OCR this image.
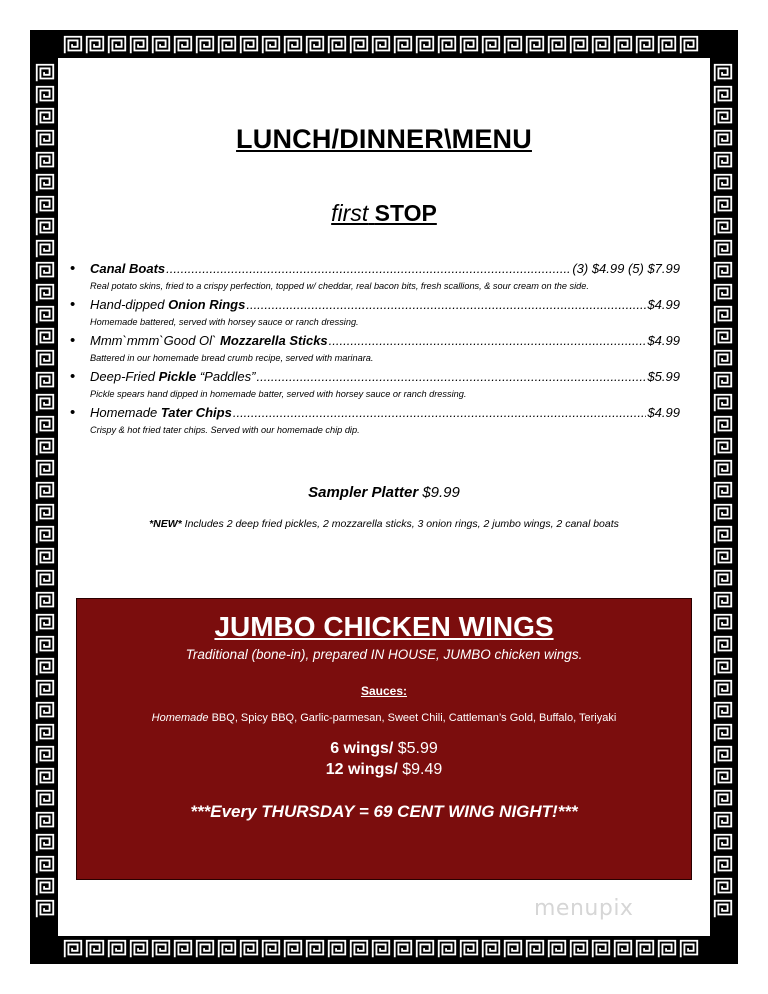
LUNCH/DINNER\MENU
first STOP
• Canal Boats .....	(3) $4.99 (5) $7.99
Real potato skins, fried to a crispy perfection, topped w/ cheddar, real bacon bits, fresh scallions, & sour cream on the side.
• Hand-dipped Onion Rings .....	$4.99
Homemade battered, served with horsey sauce or ranch dressing.
• Mmm`mmm`Good Ol` Mozzarella Sticks .....	$4.99
Battered in our homemade bread crumb recipe, served with marinara.
• Deep-Fried Pickle “Paddles” .....	$5.99
Pickle spears hand dipped in homemade batter, served with horsey sauce or ranch dressing.
• Homemade Tater Chips .....	$4.99
Crispy & hot fried tater chips. Served with our homemade chip dip.
Sampler Platter $9.99
*NEW* Includes 2 deep fried pickles, 2 mozzarella sticks, 3 onion rings, 2 jumbo wings, 2 canal boats
JUMBO CHICKEN WINGS
Traditional (bone-in), prepared IN HOUSE, JUMBO chicken wings.
Sauces:
Homemade BBQ, Spicy BBQ, Garlic-parmesan, Sweet Chili, Cattleman’s Gold, Buffalo, Teriyaki
6 wings/ $5.99
12 wings/ $9.49
***Every THURSDAY = 69 CENT WING NIGHT!***
menupix
